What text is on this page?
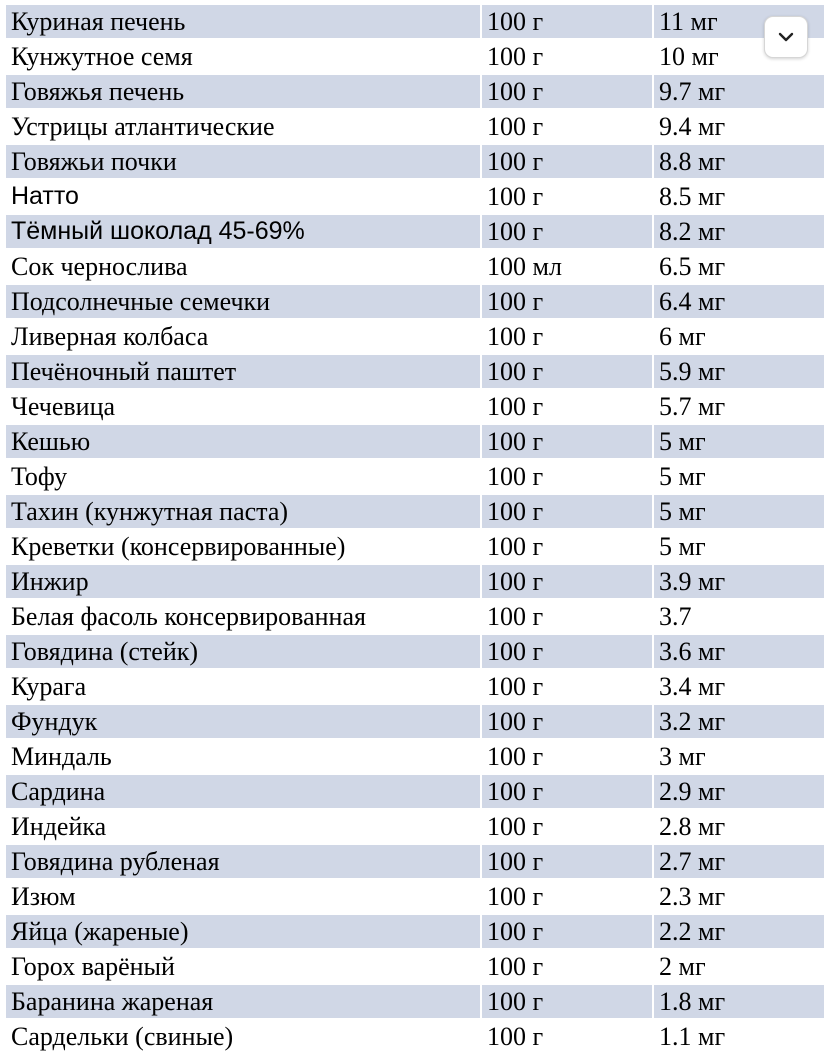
Куриная печень	100 г	11 мг
Кунжутное семя	100 г	10 мг
Говяжья печень	100 г	9.7 мг
Устрицы атлантические	100 г	9.4 мг
Говяжьи почки	100 г	8.8 мг
Натто	100 г	8.5 мг
Тёмный шоколад 45-69%	100 г	8.2 мг
Сок чернослива	100 мл	6.5 мг
Подсолнечные семечки	100 г	6.4 мг
Ливерная колбаса	100 г	6 мг
Печёночный паштет	100 г	5.9 мг
Чечевица	100 г	5.7 мг
Кешью	100 г	5 мг
Тофу	100 г	5 мг
Тахин (кунжутная паста)	100 г	5 мг
Креветки (консервированные)	100 г	5 мг
Инжир	100 г	3.9 мг
Белая фасоль консервированная	100 г	3.7
Говядина (стейк)	100 г	3.6 мг
Курага	100 г	3.4 мг
Фундук	100 г	3.2 мг
Миндаль	100 г	3 мг
Сардина	100 г	2.9 мг
Индейка	100 г	2.8 мг
Говядина рубленая	100 г	2.7 мг
Изюм	100 г	2.3 мг
Яйца (жареные)	100 г	2.2 мг
Горох варёный	100 г	2 мг
Баранина жареная	100 г	1.8 мг
Сардельки (свиные)	100 г	1.1 мг
